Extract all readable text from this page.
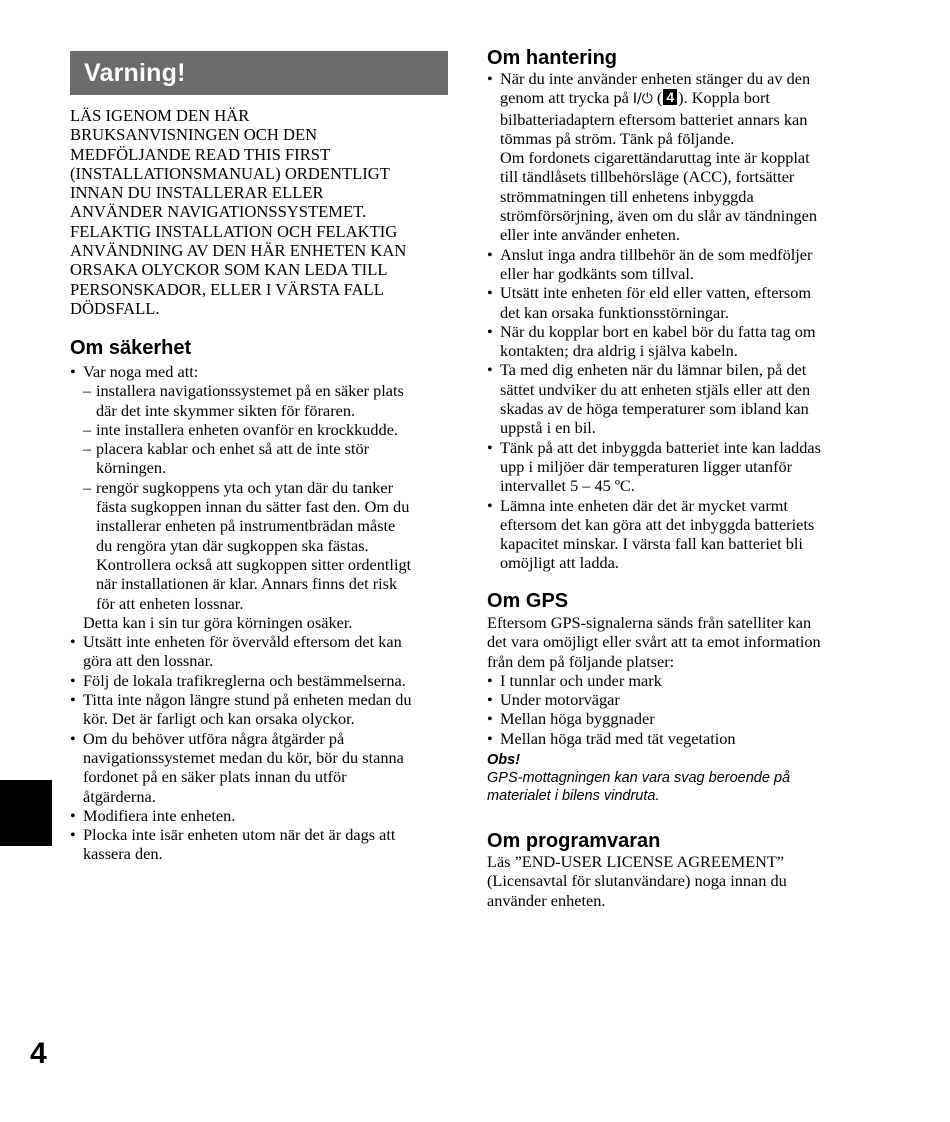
Varning!
LÄS IGENOM DEN HÄR
BRUKSANVISNINGEN OCH DEN
MEDFÖLJANDE READ THIS FIRST
(INSTALLATIONSMANUAL) ORDENTLIGT
INNAN DU INSTALLERAR ELLER
ANVÄNDER NAVIGATIONSSYSTEMET.
FELAKTIG INSTALLATION OCH FELAKTIG
ANVÄNDNING AV DEN HÄR ENHETEN KAN
ORSAKA OLYCKOR SOM KAN LEDA TILL
PERSONSKADOR, ELLER I VÄRSTA FALL
DÖDSFALL.
Om säkerhet
• Var noga med att:
– installera navigationssystemet på en säker plats
där det inte skymmer sikten för föraren.
– inte installera enheten ovanför en krockkudde.
– placera kablar och enhet så att de inte stör
körningen.
– rengör sugkoppens yta och ytan där du tanker
fästa sugkoppen innan du sätter fast den. Om du
installerar enheten på instrumentbrädan måste
du rengöra ytan där sugkoppen ska fästas.
Kontrollera också att sugkoppen sitter ordentligt
när installationen är klar. Annars finns det risk
för att enheten lossnar.
Detta kan i sin tur göra körningen osäker.
• Utsätt inte enheten för övervåld eftersom det kan
göra att den lossnar.
• Följ de lokala trafikreglerna och bestämmelserna.
• Titta inte någon längre stund på enheten medan du
kör. Det är farligt och kan orsaka olyckor.
• Om du behöver utföra några åtgärder på
navigationssystemet medan du kör, bör du stanna
fordonet på en säker plats innan du utför
åtgärderna.
• Modifiera inte enheten.
• Plocka inte isär enheten utom när det är dags att
kassera den.
Om hantering
• När du inte använder enheten stänger du av den
genom att trycka på I/⏻ ( 4 ). Koppla bort
bilbatteriadaptern eftersom batteriet annars kan
tömmas på ström. Tänk på följande.
Om fordonets cigarettändaruttag inte är kopplat
till tändlåsets tillbehörsläge (ACC), fortsätter
strömmatningen till enhetens inbyggda
strömförsörjning, även om du slår av tändningen
eller inte använder enheten.
• Anslut inga andra tillbehör än de som medföljer
eller har godkänts som tillval.
• Utsätt inte enheten för eld eller vatten, eftersom
det kan orsaka funktionsstörningar.
• När du kopplar bort en kabel bör du fatta tag om
kontakten; dra aldrig i själva kabeln.
• Ta med dig enheten när du lämnar bilen, på det
sättet undviker du att enheten stjäls eller att den
skadas av de höga temperaturer som ibland kan
uppstå i en bil.
• Tänk på att det inbyggda batteriet inte kan laddas
upp i miljöer där temperaturen ligger utanför
intervallet 5 – 45 ºC.
• Lämna inte enheten där det är mycket varmt
eftersom det kan göra att det inbyggda batteriets
kapacitet minskar. I värsta fall kan batteriet bli
omöjligt att ladda.
Om GPS
Eftersom GPS-signalerna sänds från satelliter kan
det vara omöjligt eller svårt att ta emot information
från dem på följande platser:
• I tunnlar och under mark
• Under motorvägar
• Mellan höga byggnader
• Mellan höga träd med tät vegetation
Obs!
GPS-mottagningen kan vara svag beroende på
materialet i bilens vindruta.
Om programvaran
Läs ”END-USER LICENSE AGREEMENT”
(Licensavtal för slutanvändare) noga innan du
använder enheten.
4
